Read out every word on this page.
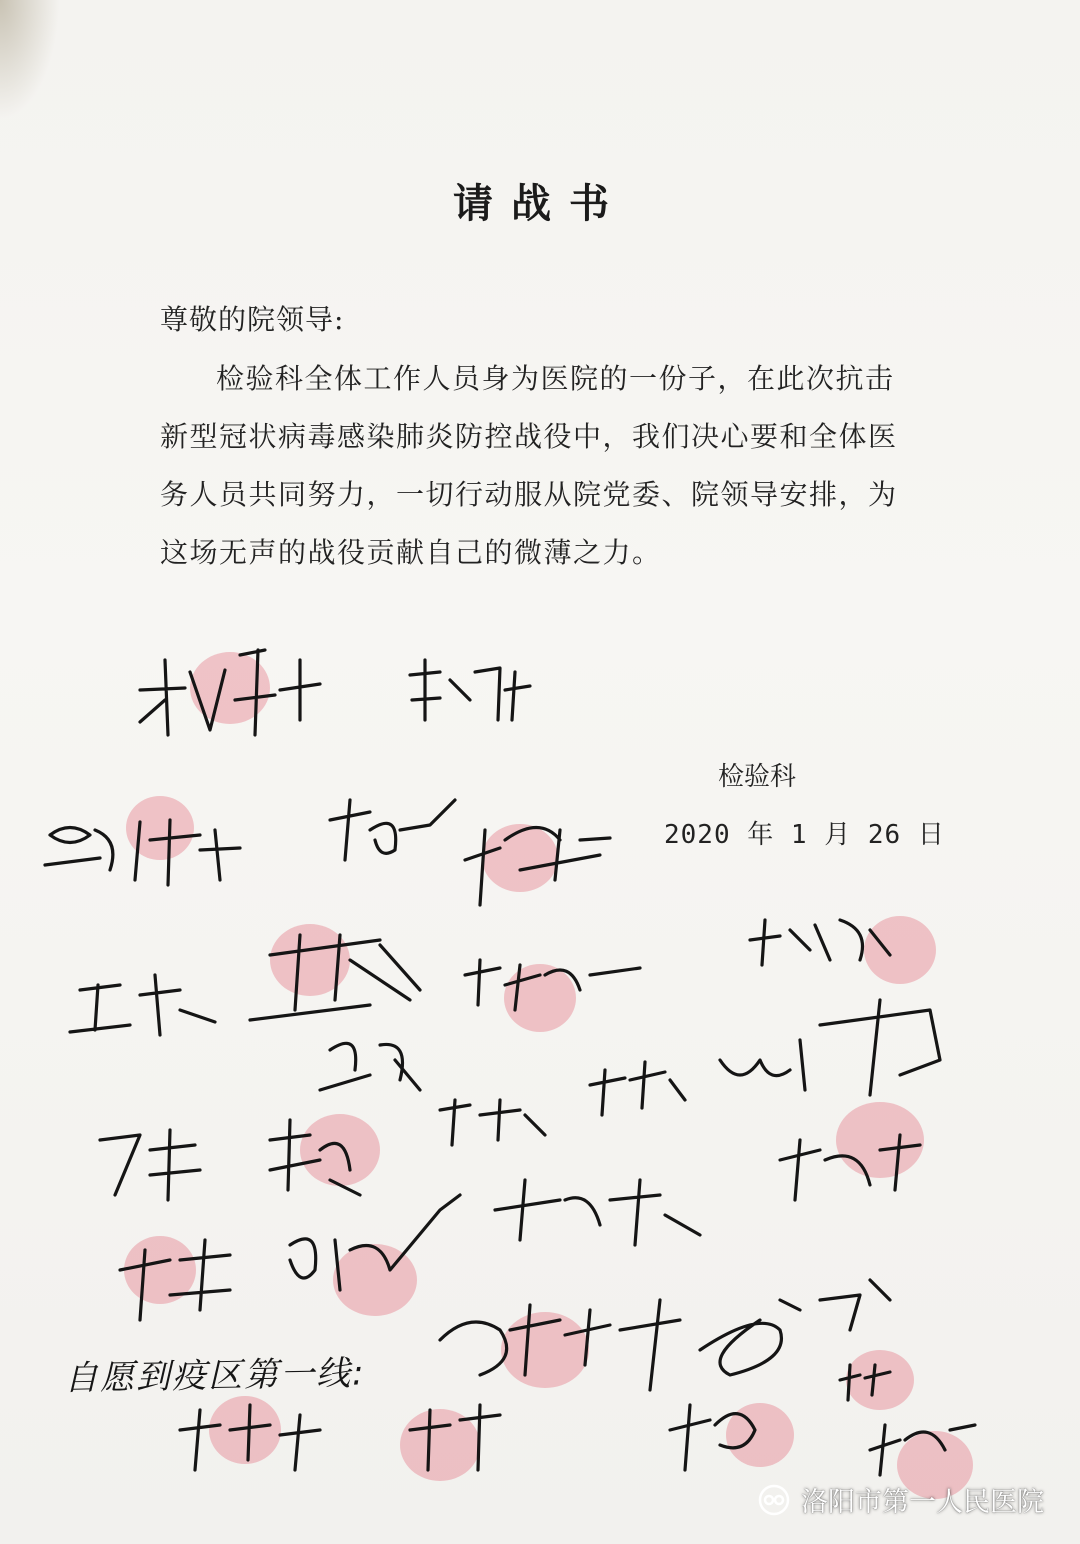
请战书
尊敬的院领导:
检验科全体工作人员身为医院的一份子，在此次抗击新型冠状病毒感染肺炎防控战役中，我们决心要和全体医务人员共同努力，一切行动服从院党委、院领导安排，为这场无声的战役贡献自己的微薄之力。
检验科
2020 年 1 月 26 日
自愿到疫区第一线:
洛阳市第一人民医院
